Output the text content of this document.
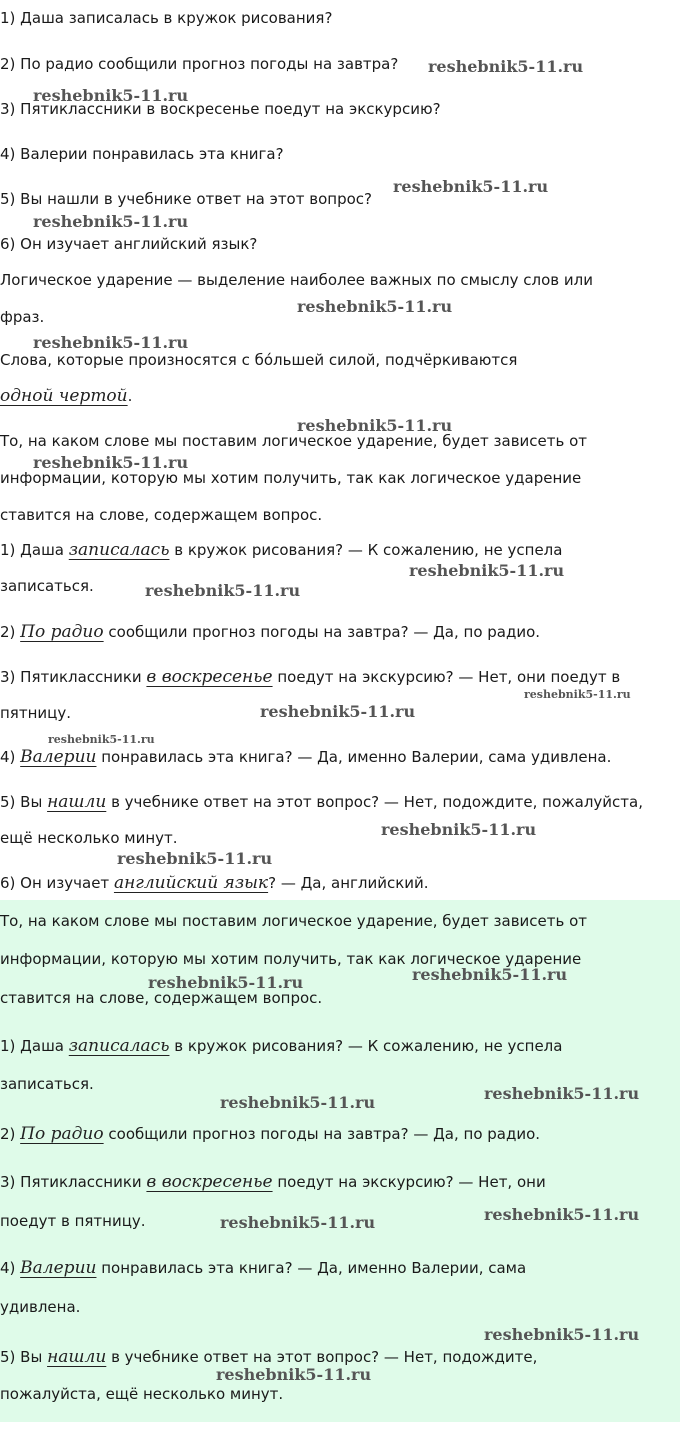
1) Даша записалась в кружок рисования?
2) По радио сообщили прогноз погоды на завтра?
3) Пятиклассники в воскресенье поедут на экскурсию?
4) Валерии понравилась эта книга?
5) Вы нашли в учебнике ответ на этот вопрос?
6) Он изучает английский язык?
Логическое ударение — выделение наиболее важных по смыслу слов или
фраз.
Слова, которые произносятся с бóльшей силой, подчёркиваются
одной чертой.
То, на каком слове мы поставим логическое ударение, будет зависеть от
информации, которую мы хотим получить, так как логическое ударение
ставится на слове, содержащем вопрос.
1) Даша записалась в кружок рисования? — К сожалению, не успела
записаться.
2) По радио сообщили прогноз погоды на завтра? — Да, по радио.
3) Пятиклассники в воскресенье поедут на экскурсию? — Нет, они поедут в
пятницу.
4) Валерии понравилась эта книга? — Да, именно Валерии, сама удивлена.
5) Вы нашли в учебнике ответ на этот вопрос? — Нет, подождите, пожалуйста,
ещё несколько минут.
6) Он изучает английский язык? — Да, английский.
То, на каком слове мы поставим логическое ударение, будет зависеть от
информации, которую мы хотим получить, так как логическое ударение
ставится на слове, содержащем вопрос.
1) Даша записалась в кружок рисования? — К сожалению, не успела
записаться.
2) По радио сообщили прогноз погоды на завтра? — Да, по радио.
3) Пятиклассники в воскресенье поедут на экскурсию? — Нет, они
поедут в пятницу.
4) Валерии понравилась эта книга? — Да, именно Валерии, сама
удивлена.
5) Вы нашли в учебнике ответ на этот вопрос? — Нет, подождите,
пожалуйста, ещё несколько минут.
reshebnik5-11.ru
reshebnik5-11.ru
reshebnik5-11.ru
reshebnik5-11.ru
reshebnik5-11.ru
reshebnik5-11.ru
reshebnik5-11.ru
reshebnik5-11.ru
reshebnik5-11.ru
reshebnik5-11.ru
reshebnik5-11.ru
reshebnik5-11.ru
reshebnik5-11.ru
reshebnik5-11.ru
reshebnik5-11.ru
reshebnik5-11.ru
reshebnik5-11.ru
reshebnik5-11.ru
reshebnik5-11.ru
reshebnik5-11.ru
reshebnik5-11.ru
reshebnik5-11.ru
reshebnik5-11.ru
